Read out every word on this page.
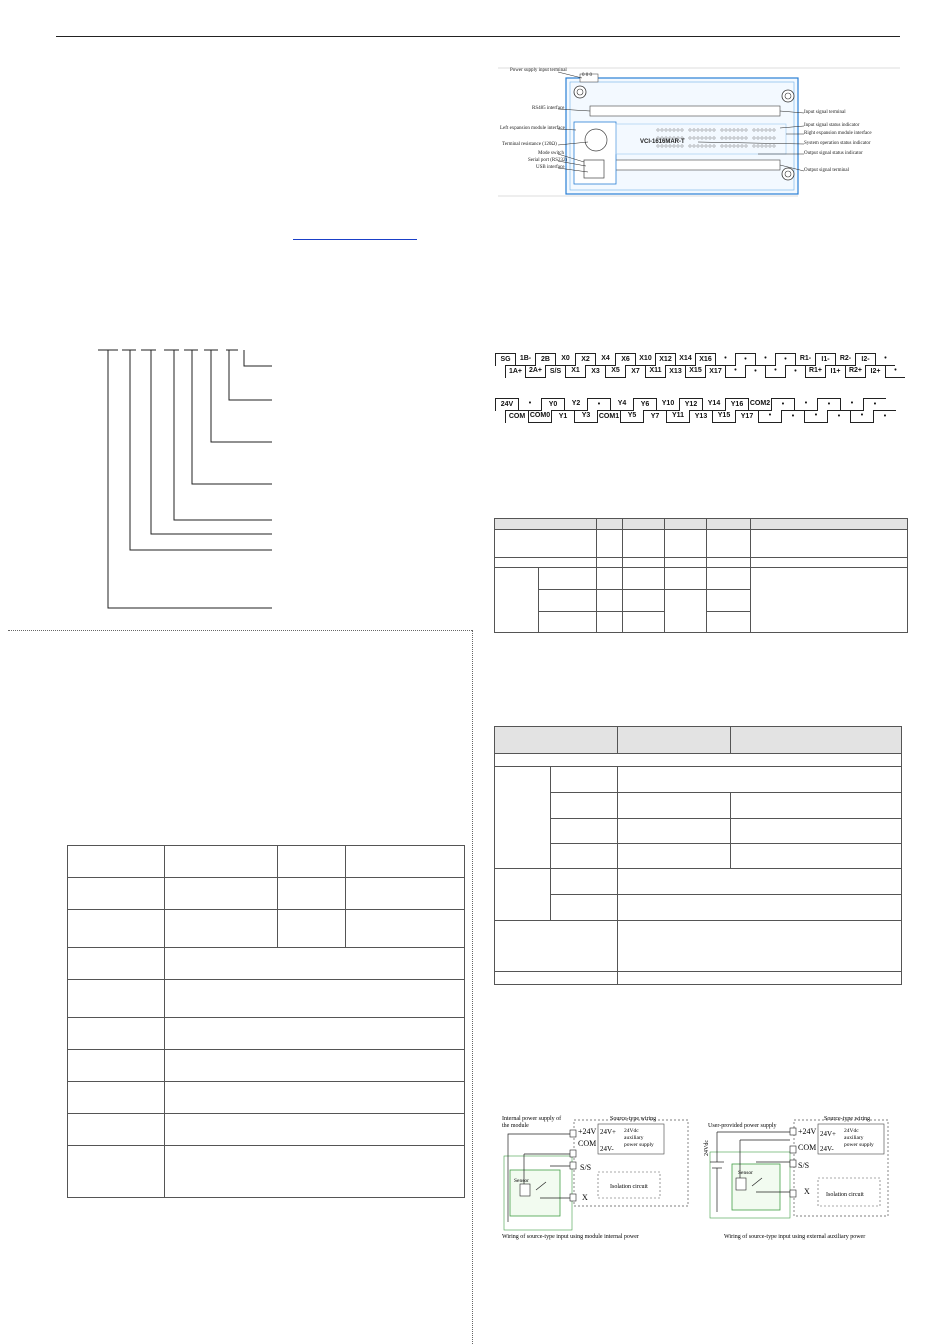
VCI-1616MAR-T
0 0 0
Power supply input terminal
RS485 interface
Left expansion module interface
Terminal resistance (120Ω)
Mode switch
Serial port (RS232)
USB interface
Input signal terminal
Input signal status indicator
Right expansion module interface
System operation status indicator
Output signal status indicator
Output signal terminal
SG	1B-	2B	X0	X2	X4	X6	X10	X12	X14	X16	•	•	•	•	R1-	I1-	R2-	I2-	•
1A+ 2A+	S/S	X1	X3	X5	X7	X11	X13	X15	X17	•	•	•	•	R1+	I1+	R2+	I2+	•
24V	•	Y0	Y2	•	Y4	Y6	Y10	Y12	Y14	Y16 COM2	•	•	•	•	•
COM COM0	Y1	Y3	COM1	Y5	Y7	Y11	Y13	Y15	Y17	•	•	•	•	•	•

Internal power supply of
the module
Source-type wiring
+24V
COM
24V+
24V-
24Vdc
auxiliary
power supply
S/S
X
Sensor
Isolation circuit
Wiring of source-type input using module internal power
User-provided power supply
Source-type wiring
+24V
COM
24V+
24V-
24Vdc
auxiliary
power supply
S/S
X
Sensor
Isolation circuit
24Vdc
Wiring of source-type input using external auxiliary power
